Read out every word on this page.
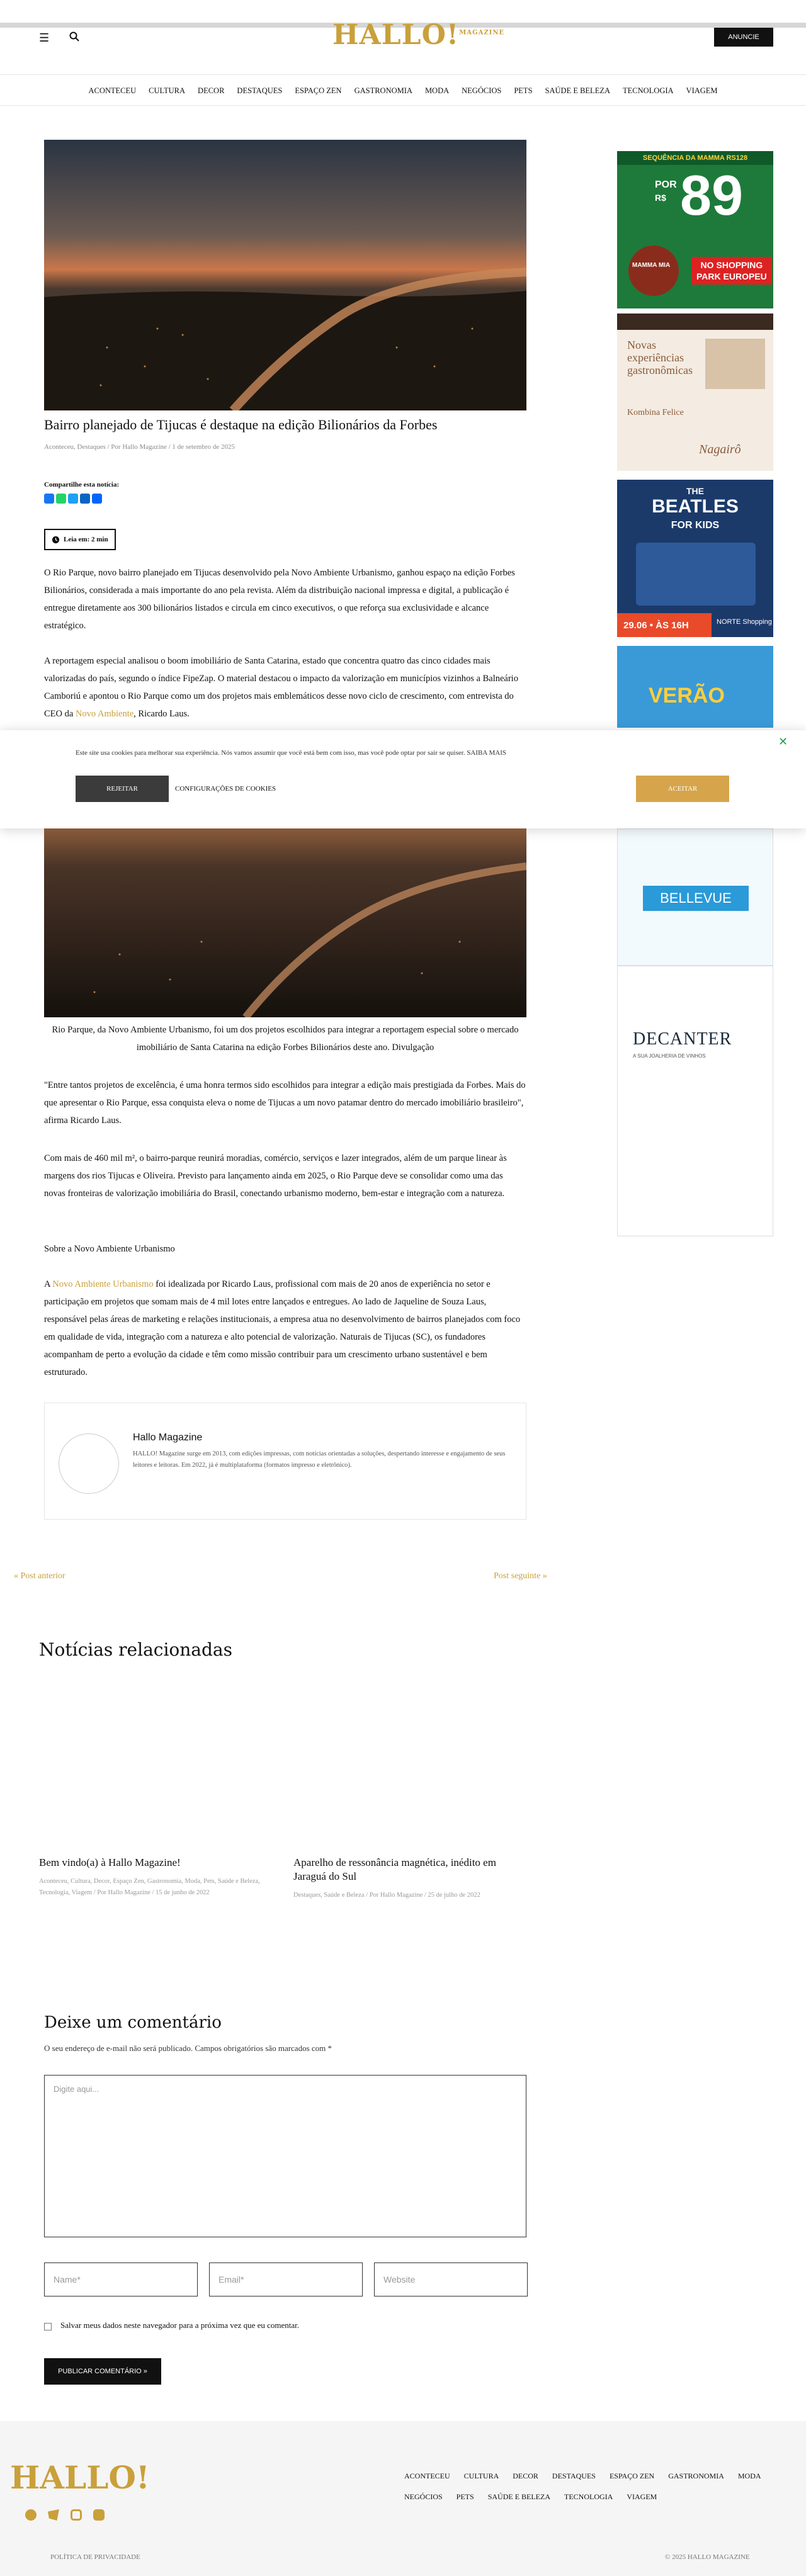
☰	HALLO!$^{MAGAZINE}$
ANUNCIE
ACONTECEU	CULTURA	DECOR	DESTAQUES	ESPAÇO ZEN	GASTRONOMIA	MODA	NEGÓCIOS	PETS	SAÚDE E BELEZA	TECNOLOGIA	VIAGEM
Bairro planejado de Tijucas é destaque na edição Bilionários da Forbes
Aconteceu, Destaques / Por Hallo Magazine / 1 de setembro de 2025
Compartilhe esta notícia:
Leia em: 2 min
O Rio Parque, novo bairro planejado em Tijucas desenvolvido pela Novo Ambiente Urbanismo, ganhou espaço na edição Forbes Bilionários, considerada a mais importante do ano pela revista. Além da distribuição nacional impressa e digital, a publicação é entregue diretamente aos 300 bilionários listados e circula em cinco executivos, o que reforça sua exclusividade e alcance estratégico.
A reportagem especial analisou o boom imobiliário de Santa Catarina, estado que concentra quatro das cinco cidades mais valorizadas do país, segundo o índice FipeZap. O material destacou o impacto da valorização em municípios vizinhos a Balneário Camboriú e apontou o Rio Parque como um dos projetos mais emblemáticos desse novo ciclo de crescimento, com entrevista do CEO da Novo Ambiente, Ricardo Laus.
SEQUÊNCIA DA MAMMA RS128
POR
R$ 89
MAMMA MIA	NO SHOPPING
PARK EUROPEU
Novas experiências gastronômicas
Kombina Felice
Nagairô
THE
BEATLES
FOR KIDS
29.06 • ÀS 16H	NORTE Shopping
VERÃO
BELLEVUE
DECANTER
A SUA JOALHERIA DE VINHOS
✕
Este site usa cookies para melhorar sua experiência. Nós vamos assumir que você está bem com isso, mas você pode optar por sair se quiser. SAIBA MAIS
REJEITAR	CONFIGURAÇÕES DE COOKIES	ACEITAR
Rio Parque, da Novo Ambiente Urbanismo, foi um dos projetos escolhidos para integrar a reportagem especial sobre o mercado imobiliário de Santa Catarina na edição Forbes Bilionários deste ano. Divulgação
"Entre tantos projetos de excelência, é uma honra termos sido escolhidos para integrar a edição mais prestigiada da Forbes. Mais do que apresentar o Rio Parque, essa conquista eleva o nome de Tijucas a um novo patamar dentro do mercado imobiliário brasileiro", afirma Ricardo Laus.
Com mais de 460 mil m², o bairro-parque reunirá moradias, comércio, serviços e lazer integrados, além de um parque linear às margens dos rios Tijucas e Oliveira. Previsto para lançamento ainda em 2025, o Rio Parque deve se consolidar como uma das novas fronteiras de valorização imobiliária do Brasil, conectando urbanismo moderno, bem-estar e integração com a natureza.
Sobre a Novo Ambiente Urbanismo
A Novo Ambiente Urbanismo foi idealizada por Ricardo Laus, profissional com mais de 20 anos de experiência no setor e participação em projetos que somam mais de 4 mil lotes entre lançados e entregues. Ao lado de Jaqueline de Souza Laus, responsável pelas áreas de marketing e relações institucionais, a empresa atua no desenvolvimento de bairros planejados com foco em qualidade de vida, integração com a natureza e alto potencial de valorização. Naturais de Tijucas (SC), os fundadores acompanham de perto a evolução da cidade e têm como missão contribuir para um crescimento urbano sustentável e bem estruturado.
Hallo Magazine
HALLO! Magazine surge em 2013, com edições impressas, com notícias orientadas a soluções, despertando interesse e engajamento de seus leitores e leitoras. Em 2022, já é multiplataforma (formatos impresso e eletrônico).
« Post anterior	Post seguinte »
Notícias relacionadas
Bem vindo(a) à Hallo Magazine!
Aconteceu, Cultura, Decor, Espaço Zen, Gastronomia, Moda, Pets, Saúde e Beleza, Tecnologia, Viagem / Por Hallo Magazine / 15 de junho de 2022
Aparelho de ressonância magnética, inédito em Jaraguá do Sul
Destaques, Saúde e Beleza / Por Hallo Magazine / 25 de julho de 2022
Deixe um comentário
O seu endereço de e-mail não será publicado. Campos obrigatórios são marcados com *
Digite aqui...
Name*	Email*	Website
Salvar meus dados neste navegador para a próxima vez que eu comentar.
PUBLICAR COMENTÁRIO »
HALLO!	ACONTECEU CULTURA DECOR DESTAQUES ESPAÇO ZEN GASTRONOMIA MODA
NEGÓCIOS PETS SAÚDE E BELEZA TECNOLOGIA VIAGEM
POLÍTICA DE PRIVACIDADE	© 2025 HALLO MAGAZINE
